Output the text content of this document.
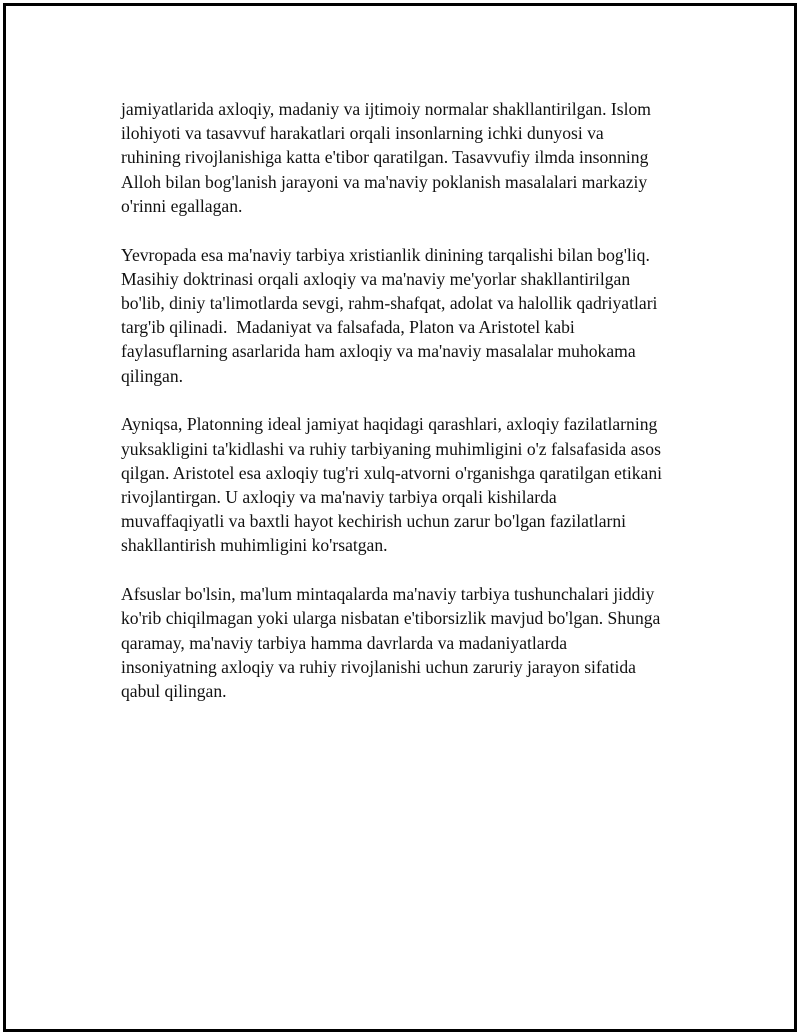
jamiyatlarida axloqiy, madaniy va ijtimoiy normalar shakllantirilgan. Islom
ilohiyoti va tasavvuf harakatlari orqali insonlarning ichki dunyosi va
ruhining rivojlanishiga katta e'tibor qaratilgan. Tasavvufiy ilmda insonning
Alloh bilan bog'lanish jarayoni va ma'naviy poklanish masalalari markaziy
o'rinni egallagan.

Yevropada esa ma'naviy tarbiya xristianlik dinining tarqalishi bilan bog'liq.
Masihiy doktrinasi orqali axloqiy va ma'naviy me'yorlar shakllantirilgan
bo'lib, diniy ta'limotlarda sevgi, rahm-shafqat, adolat va halollik qadriyatlari
targ'ib qilinadi.  Madaniyat va falsafada, Platon va Aristotel kabi
faylasuflarning asarlarida ham axloqiy va ma'naviy masalalar muhokama
qilingan.

Ayniqsa, Platonning ideal jamiyat haqidagi qarashlari, axloqiy fazilatlarning
yuksakligini ta'kidlashi va ruhiy tarbiyaning muhimligini o'z falsafasida asos
qilgan. Aristotel esa axloqiy tug'ri xulq-atvorni o'rganishga qaratilgan etikani
rivojlantirgan. U axloqiy va ma'naviy tarbiya orqali kishilarda
muvaffaqiyatli va baxtli hayot kechirish uchun zarur bo'lgan fazilatlarni
shakllantirish muhimligini ko'rsatgan.

Afsuslar bo'lsin, ma'lum mintaqalarda ma'naviy tarbiya tushunchalari jiddiy
ko'rib chiqilmagan yoki ularga nisbatan e'tiborsizlik mavjud bo'lgan. Shunga
qaramay, ma'naviy tarbiya hamma davrlarda va madaniyatlarda
insoniyatning axloqiy va ruhiy rivojlanishi uchun zaruriy jarayon sifatida
qabul qilingan.
